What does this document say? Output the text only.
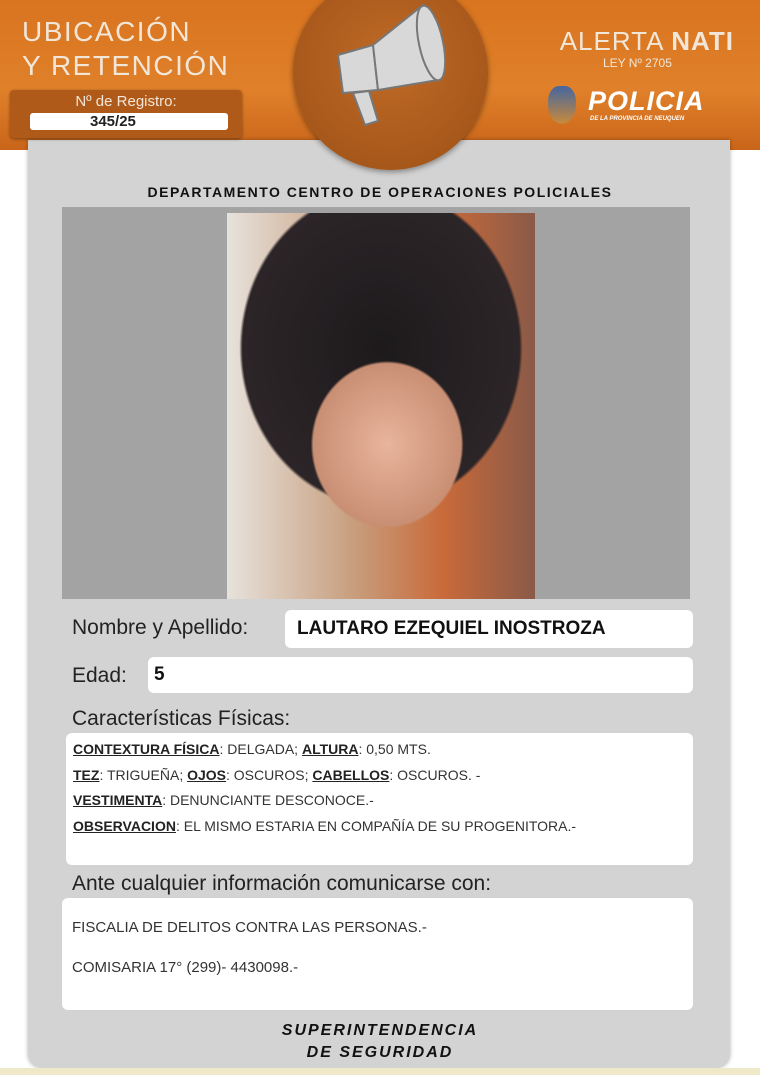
UBICACIÓN
Y RETENCIÓN
Nº de Registro:
345/25
ALERTA NATI
LEY Nº 2705
POLICIA
DE LA PROVINCIA DE NEUQUEN
DEPARTAMENTO CENTRO DE OPERACIONES POLICIALES
Nombre y Apellido:	LAUTARO EZEQUIEL INOSTROZA
Edad:	5
Características Físicas:
CONTEXTURA FÍSICA: DELGADA; ALTURA: 0,50 MTS.
TEZ: TRIGUEÑA; OJOS: OSCUROS; CABELLOS: OSCUROS. -
VESTIMENTA: DENUNCIANTE DESCONOCE.-
OBSERVACION: EL MISMO ESTARIA EN COMPAÑÍA DE SU PROGENITORA.-
Ante cualquier información comunicarse con:
FISCALIA DE DELITOS CONTRA LAS PERSONAS.-
COMISARIA 17° (299)- 4430098.-
SUPERINTENDENCIA
DE SEGURIDAD
